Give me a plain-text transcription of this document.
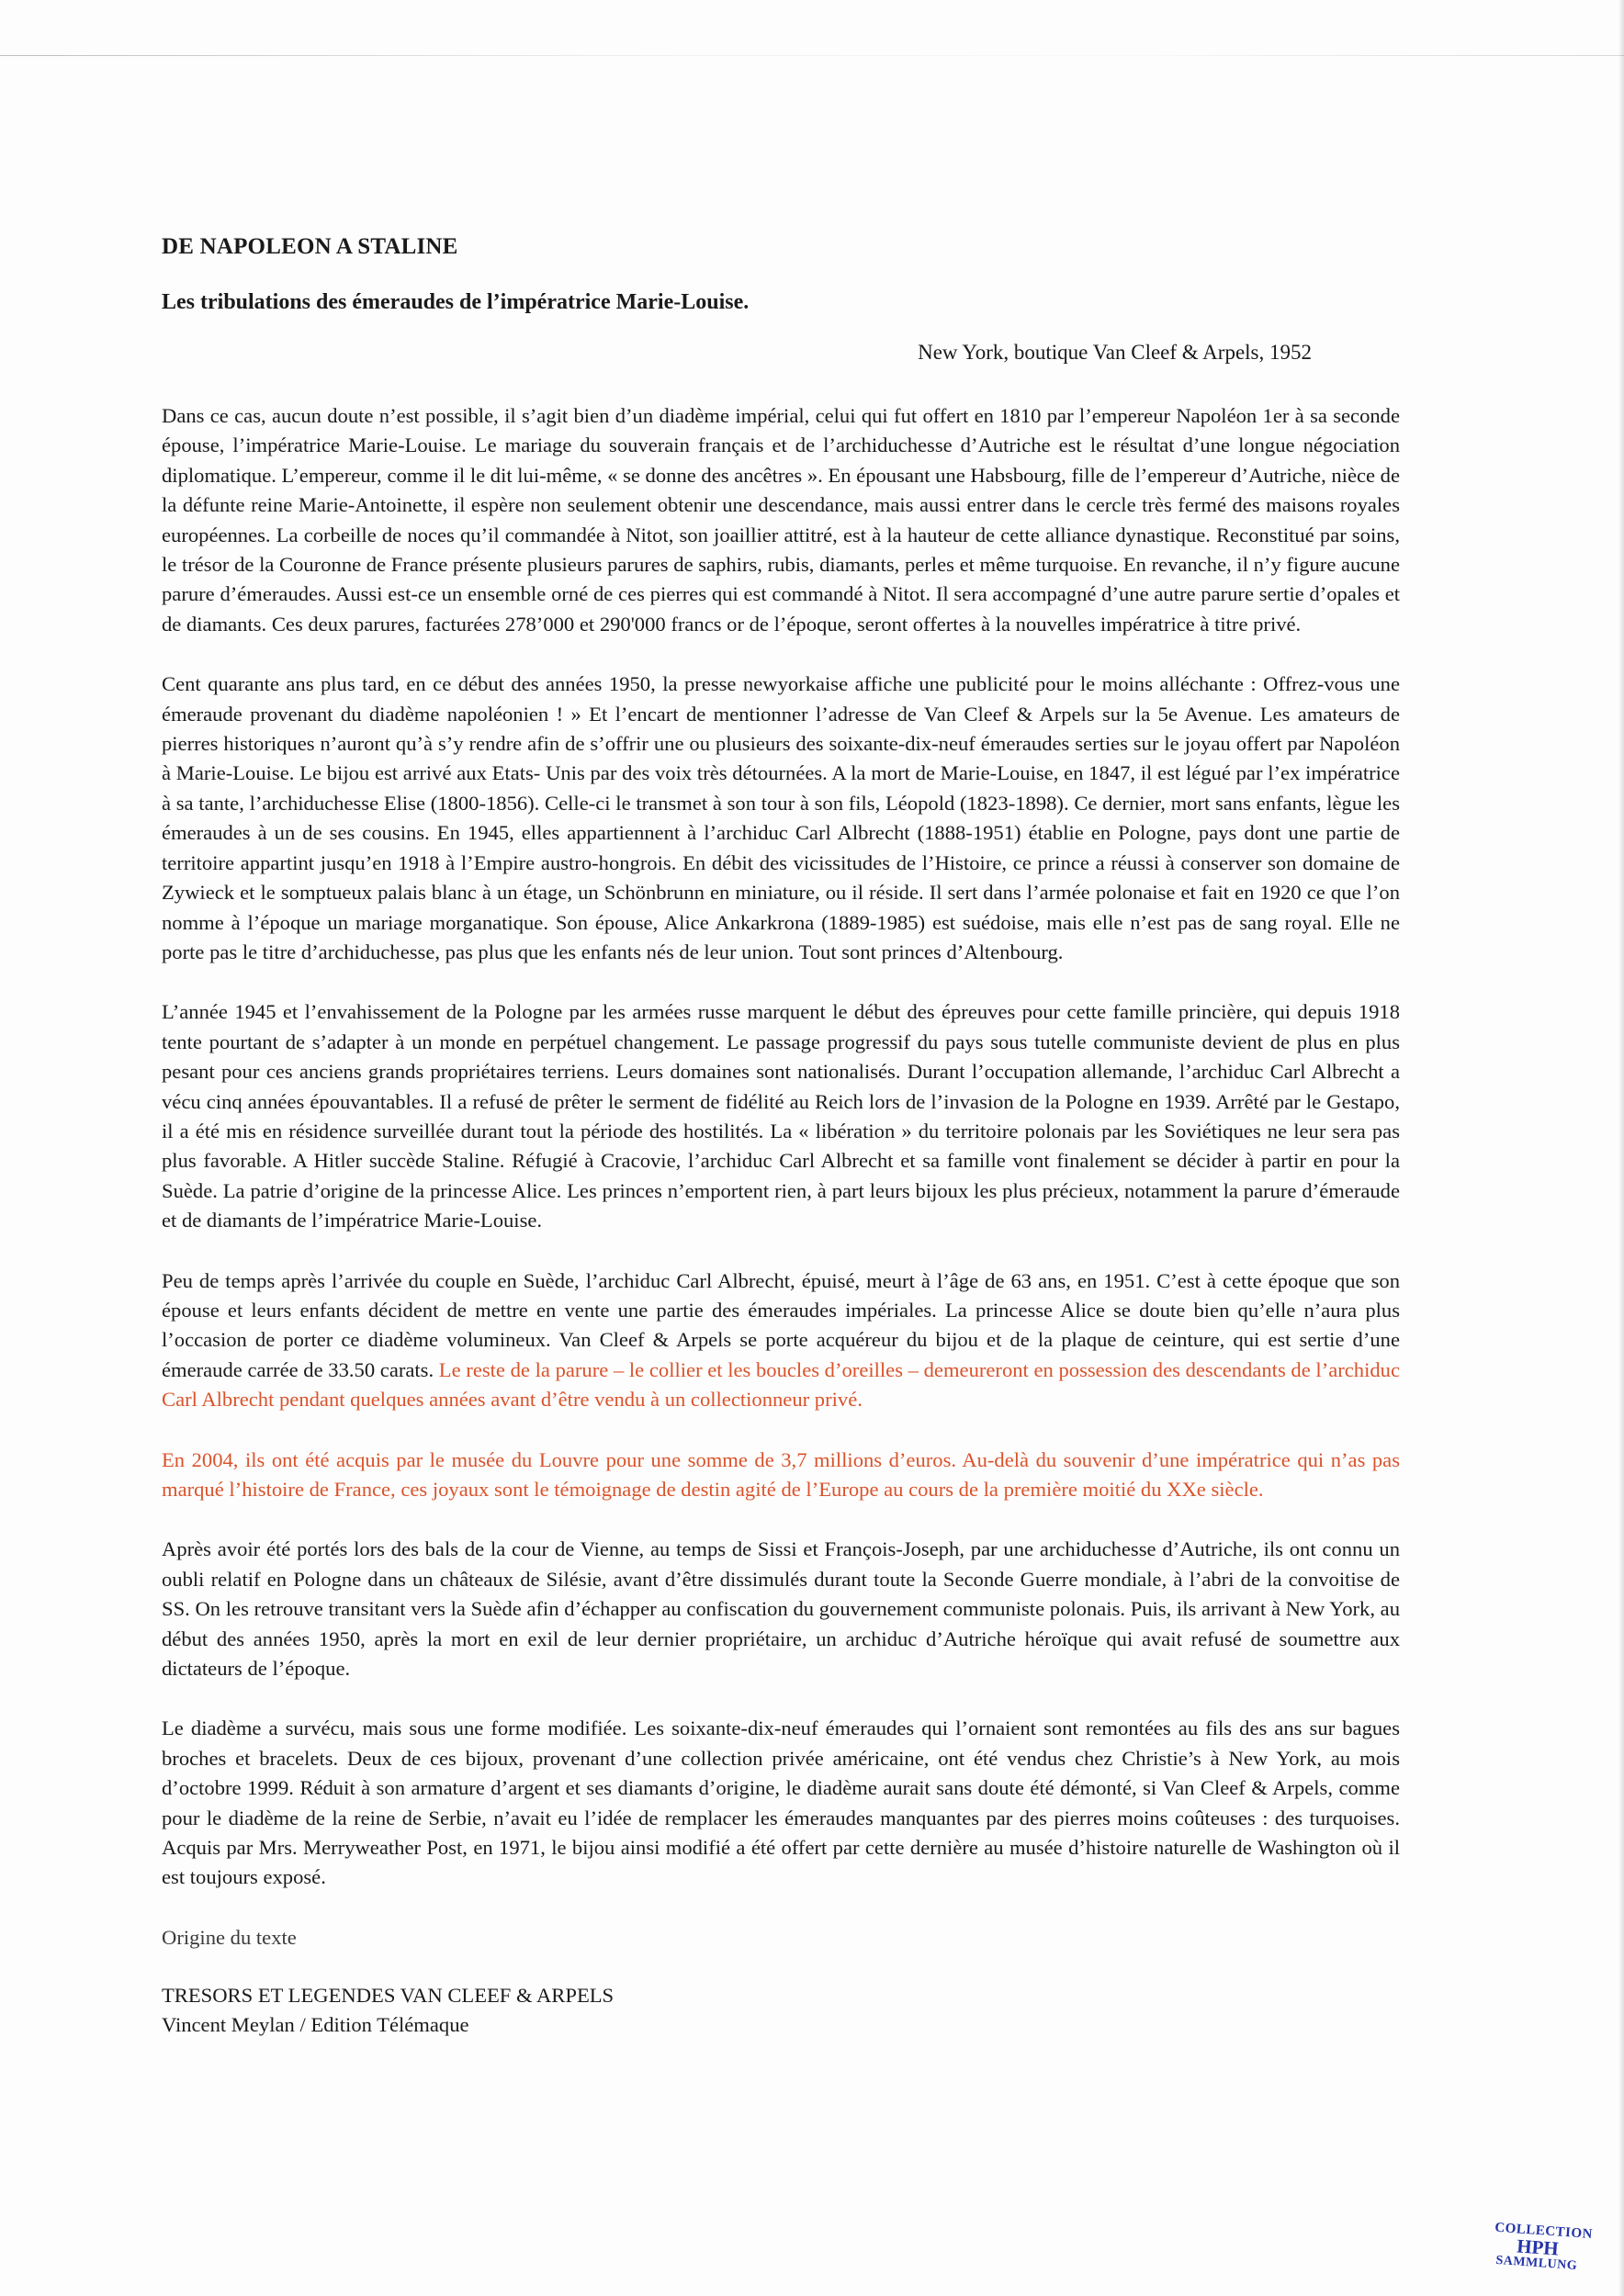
DE NAPOLEON A STALINE
Les tribulations des émeraudes de l’impératrice Marie-Louise.
New York, boutique Van Cleef & Arpels, 1952
Dans ce cas, aucun doute n’est possible, il s’agit bien d’un diadème impérial, celui qui fut offert en 1810 par l’empereur Napoléon 1er à sa seconde épouse, l’impératrice Marie-Louise. Le mariage du souverain français et de l’archiduchesse d’Autriche est le résultat d’une longue négociation diplomatique. L’empereur, comme il le dit lui-même, « se donne des ancêtres ». En épousant une Habsbourg, fille de l’empereur d’Autriche, nièce de la défunte reine Marie-Antoinette, il espère non seulement obtenir une descendance, mais aussi entrer dans le cercle très fermé des maisons royales européennes. La corbeille de noces qu’il commandée à Nitot, son joaillier attitré, est à la hauteur de cette alliance dynastique. Reconstitué par soins, le trésor de la Couronne de France présente plusieurs parures de saphirs, rubis, diamants, perles et même turquoise. En revanche, il n’y figure aucune parure d’émeraudes. Aussi est-ce un ensemble orné de ces pierres qui est commandé à Nitot. Il sera accompagné d’une autre parure sertie d’opales et de diamants. Ces deux parures, facturées 278’000 et 290'000 francs or de l’époque, seront offertes à la nouvelles impératrice à titre privé.
Cent quarante ans plus tard, en ce début des années 1950, la presse newyorkaise affiche une publicité pour le moins alléchante : Offrez-vous une émeraude provenant du diadème napoléonien ! » Et l’encart de mentionner l’adresse de Van Cleef & Arpels sur la 5e Avenue. Les amateurs de pierres historiques n’auront qu’à s’y rendre afin de s’offrir une ou plusieurs des soixante-dix-neuf émeraudes serties sur le joyau offert par Napoléon à Marie-Louise. Le bijou est arrivé aux Etats- Unis par des voix très détournées. A la mort de Marie-Louise, en 1847, il est légué par l’ex impératrice à sa tante, l’archiduchesse Elise (1800-1856). Celle-ci le transmet à son tour à son fils, Léopold (1823-1898). Ce dernier, mort sans enfants, lègue les émeraudes à un de ses cousins. En 1945, elles appartiennent à l’archiduc Carl Albrecht (1888-1951) établie en Pologne, pays dont une partie de territoire appartint jusqu’en 1918 à l’Empire austro-hongrois. En débit des vicissitudes de l’Histoire, ce prince a réussi à conserver son domaine de Zywieck et le somptueux palais blanc à un étage, un Schönbrunn en miniature, ou il réside. Il sert dans l’armée polonaise et fait en 1920 ce que l’on nomme à l’époque un mariage morganatique. Son épouse, Alice Ankarkrona (1889-1985) est suédoise, mais elle n’est pas de sang royal. Elle ne porte pas le titre d’archiduchesse, pas plus que les enfants nés de leur union. Tout sont princes d’Altenbourg.
L’année 1945 et l’envahissement de la Pologne par les armées russe marquent le début des épreuves pour cette famille princière, qui depuis 1918 tente pourtant de s’adapter à un monde en perpétuel changement. Le passage progressif du pays sous tutelle communiste devient de plus en plus pesant pour ces anciens grands propriétaires terriens. Leurs domaines sont nationalisés. Durant l’occupation allemande, l’archiduc Carl Albrecht a vécu cinq années épouvantables. Il a refusé de prêter le serment de fidélité au Reich lors de l’invasion de la Pologne en 1939. Arrêté par le Gestapo, il a été mis en résidence surveillée durant tout la période des hostilités. La « libération » du territoire polonais par les Soviétiques ne leur sera pas plus favorable. A Hitler succède Staline. Réfugié à Cracovie, l’archiduc Carl Albrecht et sa famille vont finalement se décider à partir en pour la Suède. La patrie d’origine de la princesse Alice. Les princes n’emportent rien, à part leurs bijoux les plus précieux, notamment la parure d’émeraude et de diamants de l’impératrice Marie-Louise.
Peu de temps après l’arrivée du couple en Suède, l’archiduc Carl Albrecht, épuisé, meurt à l’âge de 63 ans, en 1951. C’est à cette époque que son épouse et leurs enfants décident de mettre en vente une partie des émeraudes impériales. La princesse Alice se doute bien qu’elle n’aura plus l’occasion de porter ce diadème volumineux. Van Cleef & Arpels se porte acquéreur du bijou et de la plaque de ceinture, qui est sertie d’une émeraude carrée de 33.50 carats. Le reste de la parure – le collier et les boucles d’oreilles – demeureront en possession des descendants de l’archiduc Carl Albrecht pendant quelques années avant d’être vendu à un collectionneur privé.
En 2004, ils ont été acquis par le musée du Louvre pour une somme de 3,7 millions d’euros. Au-delà du souvenir d’une impératrice qui n’as pas marqué l’histoire de France, ces joyaux sont le témoignage de destin agité de l’Europe au cours de la première moitié du XXe siècle.
Après avoir été portés lors des bals de la cour de Vienne, au temps de Sissi et François-Joseph, par une archiduchesse d’Autriche, ils ont connu un oubli relatif en Pologne dans un châteaux de Silésie, avant d’être dissimulés durant toute la Seconde Guerre mondiale, à l’abri de la convoitise de SS. On les retrouve transitant vers la Suède afin d’échapper au confiscation du gouvernement communiste polonais. Puis, ils arrivant à New York, au début des années 1950, après la mort en exil de leur dernier propriétaire, un archiduc d’Autriche héroïque qui avait refusé de soumettre aux dictateurs de l’époque.
Le diadème a survécu, mais sous une forme modifiée. Les soixante-dix-neuf émeraudes qui l’ornaient sont remontées au fils des ans sur bagues broches et bracelets. Deux de ces bijoux, provenant d’une collection privée américaine, ont été vendus chez Christie’s à New York, au mois d’octobre 1999. Réduit à son armature d’argent et ses diamants d’origine, le diadème aurait sans doute été démonté, si Van Cleef & Arpels, comme pour le diadème de la reine de Serbie, n’avait eu l’idée de remplacer les émeraudes manquantes par des pierres moins coûteuses : des turquoises. Acquis par Mrs. Merryweather Post, en 1971, le bijou ainsi modifié a été offert par cette dernière au musée d’histoire naturelle de Washington où il est toujours exposé.
Origine du texte
TRESORS ET LEGENDES VAN CLEEF & ARPELS
Vincent Meylan / Edition Télémaque
COLLECTION
HPH
SAMMLUNG
